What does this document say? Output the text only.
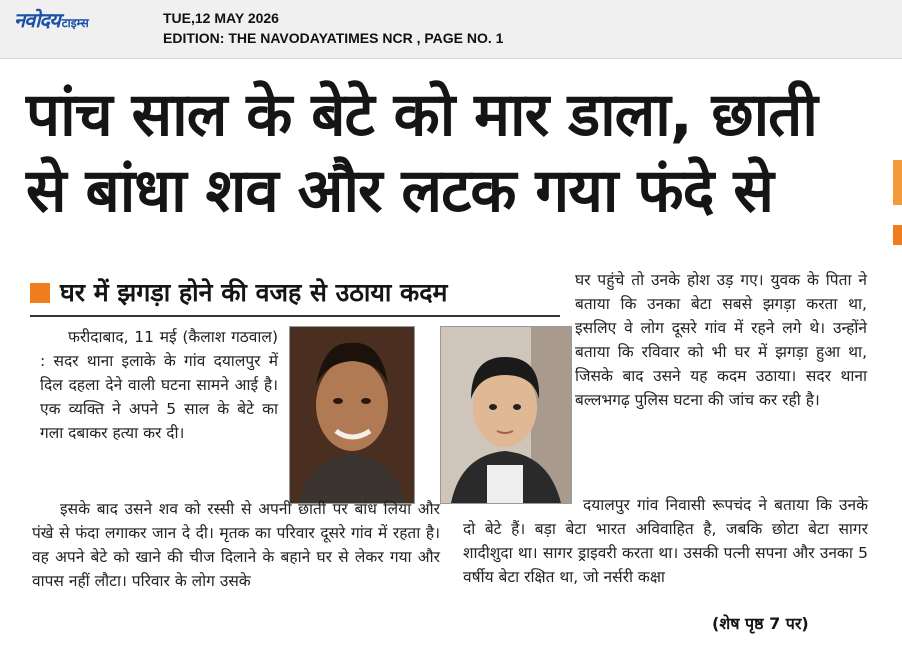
नवोदय टाइम्स	TUE,12 MAY 2026
EDITION: THE NAVODAYATIMES NCR , PAGE NO. 1
पांच साल के बेटे को मार डाला, छाती से बांधा शव और लटक गया फंदे से
घर में झगड़ा होने की वजह से उठाया कदम
फरीदाबाद, 11 मई (कैलाश गठवाल) : सदर थाना इलाके के गांव दयालपुर में दिल दहला देने वाली घटना सामने आई है। एक व्यक्ति ने अपने 5 साल के बेटे का गला दबाकर हत्या कर दी।
इसके बाद उसने शव को रस्सी से अपनी छाती पर बांध लिया और पंखे से फंदा लगाकर जान दे दी। मृतक का परिवार दूसरे गांव में रहता है। वह अपने बेटे को खाने की चीज दिलाने के बहाने घर से लेकर गया और वापस नहीं लौटा। परिवार के लोग उसके
घर पहुंचे तो उनके होश उड़ गए। युवक के पिता ने बताया कि उनका बेटा सबसे झगड़ा करता था, इसलिए वे लोग दूसरे गांव में रहने लगे थे। उन्होंने बताया कि रविवार को भी घर में झगड़ा हुआ था, जिसके बाद उसने यह कदम उठाया। सदर थाना बल्लभगढ़ पुलिस घटना की जांच कर रही है।
दयालपुर गांव निवासी रूपचंद ने बताया कि उनके दो बेटे हैं। बड़ा बेटा भारत अविवाहित है, जबकि छोटा बेटा सागर शादीशुदा था। सागर ड्राइवरी करता था। उसकी पत्नी सपना और उनका 5 वर्षीय बेटा रक्षित था, जो नर्सरी कक्षा
(शेष पृष्ठ 7 पर)
